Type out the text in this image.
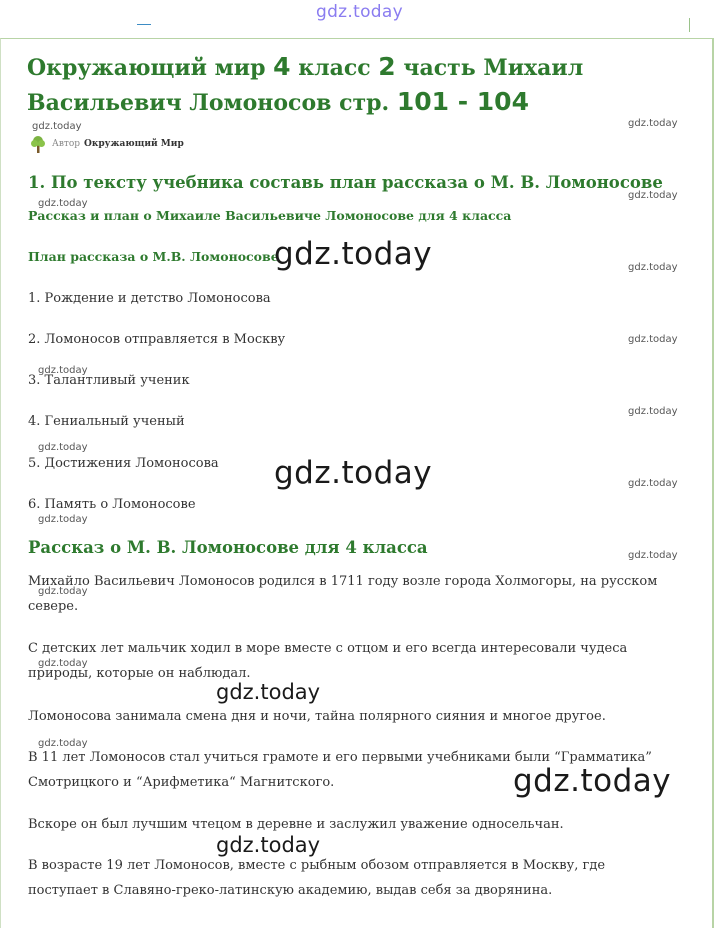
gdz.today
Окружающий мир 4 класс 2 часть Михаил Васильевич Ломоносов стр. 101 - 104
gdz.today	gdz.today
Автор Окружающий Мир
1. По тексту учебника составь план рассказа о М. В. Ломоносове
gdz.today
gdz.today
Рассказ и план о Михаиле Васильевиче Ломоносове для 4 класса
План рассказа о М.В. Ломоносове
gdz.today	gdz.today
1. Рождение и детство Ломоносова
gdz.today
2. Ломоносов отправляется в Москву
gdz.today
3. Талантливый ученик
gdz.today
4. Гениальный ученый
gdz.today
5. Достижения Ломоносова gdz.today	gdz.today
6. Память о Ломоносове
gdz.today
Рассказ о М. В. Ломоносове для 4 класса	gdz.today
Михайло Васильевич Ломоносов родился в 1711 году возле города Холмогоры, на русском севере.
gdz.today
С детских лет мальчик ходил в море вместе с отцом и его всегда интересовали чудеса природы, которые он наблюдал.
gdz.today
gdz.today
Ломоносова занимала смена дня и ночи, тайна полярного сияния и многое другое.
gdz.today
В 11 лет Ломоносов стал учиться грамоте и его первыми учебниками были “Грамматика” Смотрицкого и “Арифметика“ Магнитского.	gdz.today
Вскоре он был лучшим чтецом в деревне и заслужил уважение односельчан.
gdz.today
В возрасте 19 лет Ломоносов, вместе с рыбным обозом отправляется в Москву, где поступает в Славяно-греко-латинскую академию, выдав себя за дворянина.
